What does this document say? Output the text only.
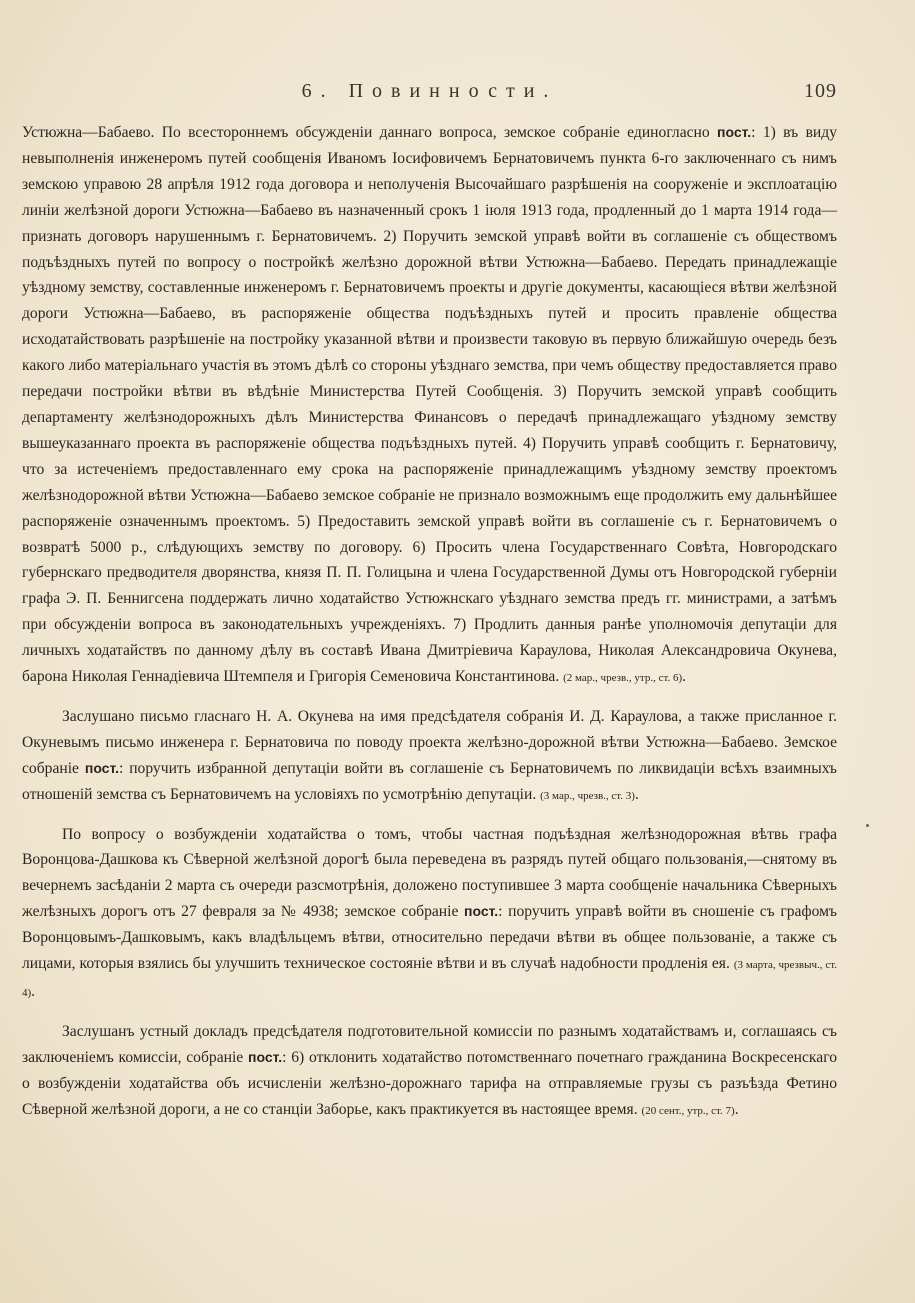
6. Повинности.	109

Устюжна—Бабаево. По всестороннемъ обсужденіи даннаго вопроса, земское собраніе единогласно пост.: 1) въ виду невыполненія инженеромъ путей сообщенія Иваномъ Іосифовичемъ Бернатовичемъ пункта 6-го заключеннаго съ нимъ земскою управою 28 апрѣля 1912 года договора и неполученія Высочайшаго разрѣшенія на сооруженіе и эксплоатацію линіи желѣзной дороги Устюжна—Бабаево въ назначенный срокъ 1 іюля 1913 года, продленный до 1 марта 1914 года—признать договоръ нарушеннымъ г. Бернатовичемъ. 2) Поручить земской управѣ войти въ соглашеніе съ обществомъ подъѣздныхъ путей по вопросу о постройкѣ желѣзно дорожной вѣтви Устюжна—Бабаево. Передать принадлежащіе уѣздному земству, составленные инженеромъ г. Бернатовичемъ проекты и другіе документы, касающіеся вѣтви желѣзной дороги Устюжна—Бабаево, въ распоряженіе общества подъѣздныхъ путей и просить правленіе общества исходатайствовать разрѣшеніе на постройку указанной вѣтви и произвести таковую въ первую ближайшую очередь безъ какого либо матеріальнаго участія въ этомъ дѣлѣ со стороны уѣзднаго земства, при чемъ обществу предоставляется право передачи постройки вѣтви въ вѣдѣніе Министерства Путей Сообщенія. 3) Поручить земской управѣ сообщить департаменту желѣзнодорожныхъ дѣлъ Министерства Финансовъ о передачѣ принадлежащаго уѣздному земству вышеуказаннаго проекта въ распоряженіе общества подъѣздныхъ путей. 4) Поручить управѣ сообщить г. Бернатовичу, что за истеченіемъ предоставленнаго ему срока на распоряженіе принадлежащимъ уѣздному земству проектомъ желѣзнодорожной вѣтви Устюжна—Бабаево земское собраніе не признало возможнымъ еще продолжить ему дальнѣйшее распоряженіе означеннымъ проектомъ. 5) Предоставить земской управѣ войти въ соглашеніе съ г. Бернатовичемъ о возвратѣ 5000 р., слѣдующихъ земству по договору. 6) Просить члена Государственнаго Совѣта, Новгородскаго губернскаго предводителя дворянства, князя П. П. Голицына и члена Государственной Думы отъ Новгородской губерніи графа Э. П. Беннигсена поддержать лично ходатайство Устюжнскаго уѣзднаго земства предъ гг. министрами, а затѣмъ при обсужденіи вопроса въ законодательныхъ учрежденіяхъ. 7) Продлить данныя ранѣе уполномочія депутаціи для личныхъ ходатайствъ по данному дѣлу въ составѣ Ивана Дмитріевича Караулова, Николая Александровича Окунева, барона Николая Геннадіевича Штемпеля и Григорія Семеновича Константинова. (2 мар., чрезв., утр., ст. 6).

Заслушано письмо гласнаго Н. А. Окунева на имя предсѣдателя собранія И. Д. Караулова, а также присланное г. Окуневымъ письмо инженера г. Бернатовича по поводу проекта желѣзно-дорожной вѣтви Устюжна—Бабаево. Земское собраніе пост.: поручить избранной депутаціи войти въ соглашеніе съ Бернатовичемъ по ликвидаціи всѣхъ взаимныхъ отношеній земства съ Бернатовичемъ на условіяхъ по усмотрѣнію депутаціи. (3 мар., чрезв., ст. 3).

По вопросу о возбужденіи ходатайства о томъ, чтобы частная подъѣздная желѣзнодорожная вѣтвь графа Воронцова-Дашкова къ Сѣверной желѣзной дорогѣ была переведена въ разрядъ путей общаго пользованія,—снятому въ вечернемъ засѣданіи 2 марта съ очереди разсмотрѣнія, доложено поступившее 3 марта сообщеніе начальника Сѣверныхъ желѣзныхъ дорогъ отъ 27 февраля за № 4938; земское собраніе пост.: поручить управѣ войти въ сношеніе съ графомъ Воронцовымъ-Дашковымъ, какъ владѣльцемъ вѣтви, относительно передачи вѣтви въ общее пользованіе, а также съ лицами, которыя взялись бы улучшить техническое состояніе вѣтви и въ случаѣ надобности продленія ея. (3 марта, чрезвыч., ст. 4).

Заслушанъ устный докладъ предсѣдателя подготовительной комиссіи по разнымъ ходатайствамъ и, соглашаясь съ заключеніемъ комиссіи, собраніе пост.: 6) отклонить ходатайство потомственнаго почетнаго гражданина Воскресенскаго о возбужденіи ходатайства объ исчисленіи желѣзно-дорожнаго тарифа на отправляемые грузы съ разъѣзда Фетино Сѣверной желѣзной дороги, а не со станціи Заборье, какъ практикуется въ настоящее время. (20 сент., утр., ст. 7).
